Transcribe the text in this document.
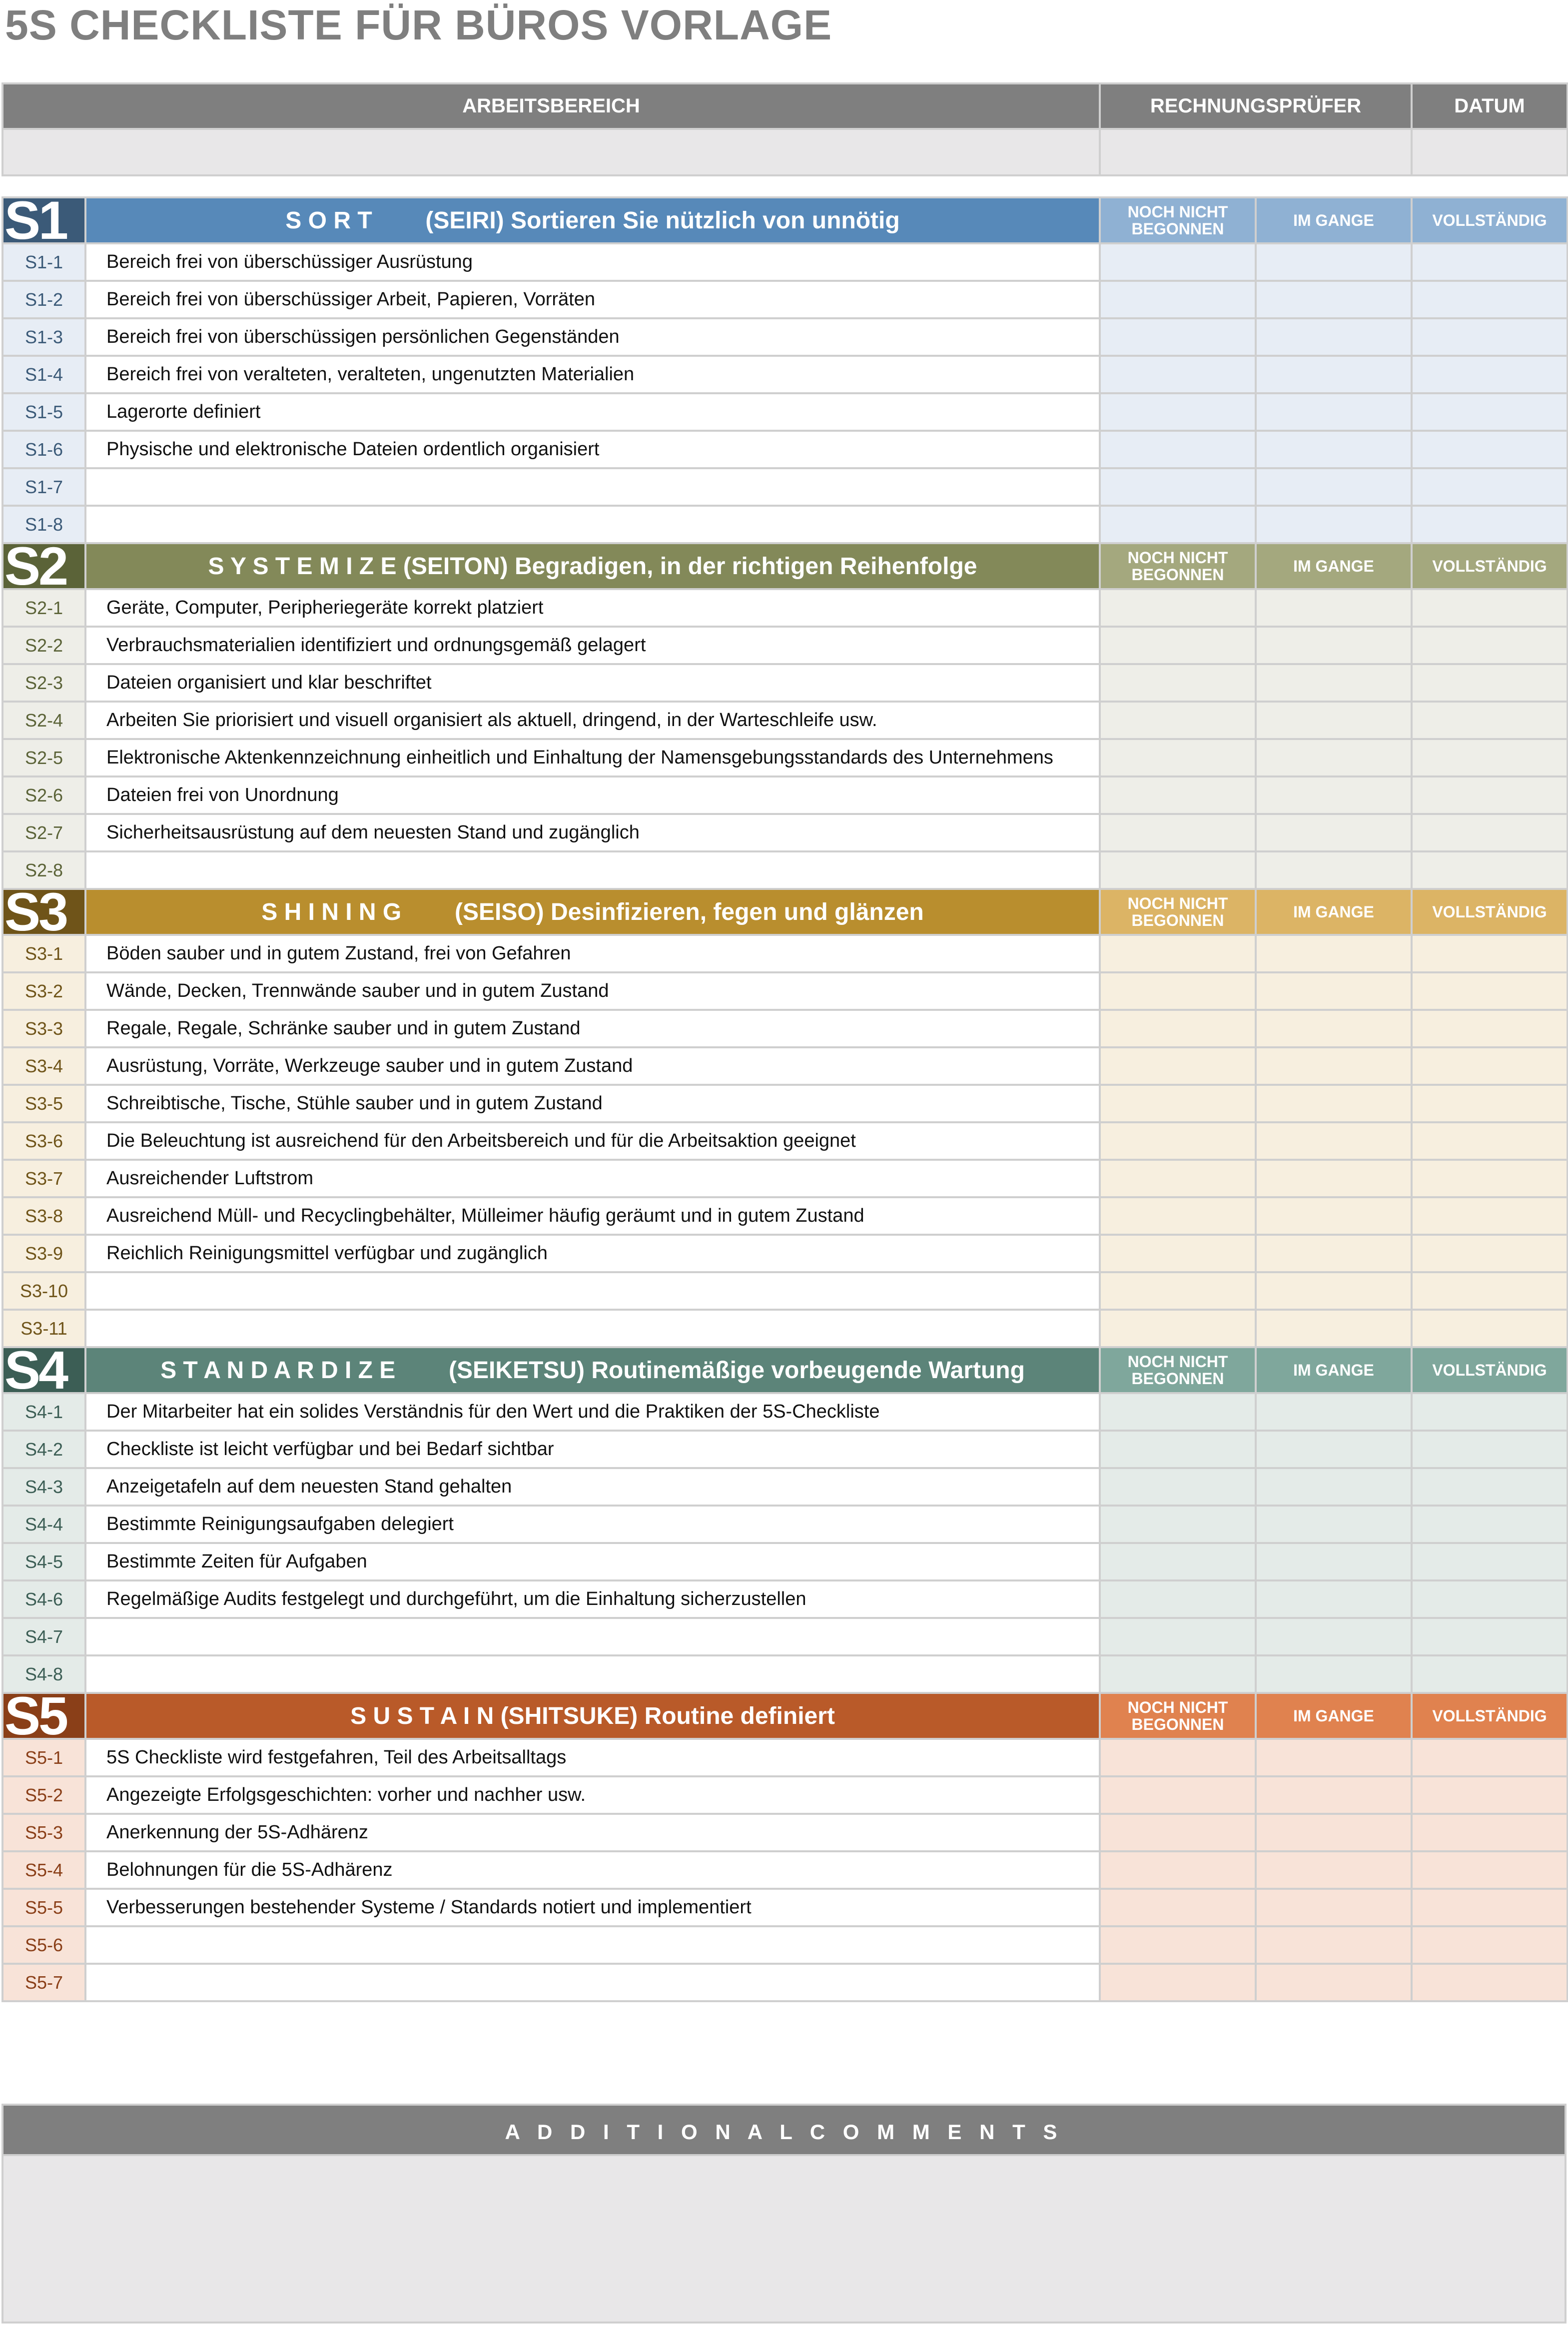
5S CHECKLISTE FÜR BÜROS VORLAGE
ARBEITSBEREICH	RECHNUNGSPRÜFER	DATUM

S1	S O R T        (SEIRI) Sortieren Sie nützlich von unnötig	NOCH NICHT BEGONNEN	IM GANGE	VOLLSTÄNDIG
S1-1	Bereich frei von überschüssiger Ausrüstung			
S1-2	Bereich frei von überschüssiger Arbeit, Papieren, Vorräten			
S1-3	Bereich frei von überschüssigen persönlichen Gegenständen			
S1-4	Bereich frei von veralteten, veralteten, ungenutzten Materialien			
S1-5	Lagerorte definiert			
S1-6	Physische und elektronische Dateien ordentlich organisiert			
S1-7				
S1-8				
S2	S Y S T E M I Z E (SEITON) Begradigen, in der richtigen Reihenfolge	NOCH NICHT BEGONNEN	IM GANGE	VOLLSTÄNDIG
S2-1	Geräte, Computer, Peripheriegeräte korrekt platziert			
S2-2	Verbrauchsmaterialien identifiziert und ordnungsgemäß gelagert			
S2-3	Dateien organisiert und klar beschriftet			
S2-4	Arbeiten Sie priorisiert und visuell organisiert als aktuell, dringend, in der Warteschleife usw.			
S2-5	Elektronische Aktenkennzeichnung einheitlich und Einhaltung der Namensgebungsstandards des Unternehmens			
S2-6	Dateien frei von Unordnung			
S2-7	Sicherheitsausrüstung auf dem neuesten Stand und zugänglich			
S2-8				
S3	S H I N I N G        (SEISO) Desinfizieren, fegen und glänzen	NOCH NICHT BEGONNEN	IM GANGE	VOLLSTÄNDIG
S3-1	Böden sauber und in gutem Zustand, frei von Gefahren			
S3-2	Wände, Decken, Trennwände sauber und in gutem Zustand			
S3-3	Regale, Regale, Schränke sauber und in gutem Zustand			
S3-4	Ausrüstung, Vorräte, Werkzeuge sauber und in gutem Zustand			
S3-5	Schreibtische, Tische, Stühle sauber und in gutem Zustand			
S3-6	Die Beleuchtung ist ausreichend für den Arbeitsbereich und für die Arbeitsaktion geeignet			
S3-7	Ausreichender Luftstrom			
S3-8	Ausreichend Müll- und Recyclingbehälter, Mülleimer häufig geräumt und in gutem Zustand			
S3-9	Reichlich Reinigungsmittel verfügbar und zugänglich			
S3-10				
S3-11				
S4	S T A N D A R D I Z E        (SEIKETSU) Routinemäßige vorbeugende Wartung	NOCH NICHT BEGONNEN	IM GANGE	VOLLSTÄNDIG
S4-1	Der Mitarbeiter hat ein solides Verständnis für den Wert und die Praktiken der 5S-Checkliste			
S4-2	Checkliste ist leicht verfügbar und bei Bedarf sichtbar			
S4-3	Anzeigetafeln auf dem neuesten Stand gehalten			
S4-4	Bestimmte Reinigungsaufgaben delegiert			
S4-5	Bestimmte Zeiten für Aufgaben			
S4-6	Regelmäßige Audits festgelegt und durchgeführt, um die Einhaltung sicherzustellen			
S4-7				
S4-8				
S5	S U S T A I N (SHITSUKE) Routine definiert	NOCH NICHT BEGONNEN	IM GANGE	VOLLSTÄNDIG
S5-1	5S Checkliste wird festgefahren, Teil des Arbeitsalltags			
S5-2	Angezeigte Erfolgsgeschichten: vorher und nachher usw.			
S5-3	Anerkennung der 5S-Adhärenz			
S5-4	Belohnungen für die 5S-Adhärenz			
S5-5	Verbesserungen bestehender Systeme / Standards notiert und implementiert			
S5-6				
S5-7				
A D D I T I O N A L C O M M E N T S
